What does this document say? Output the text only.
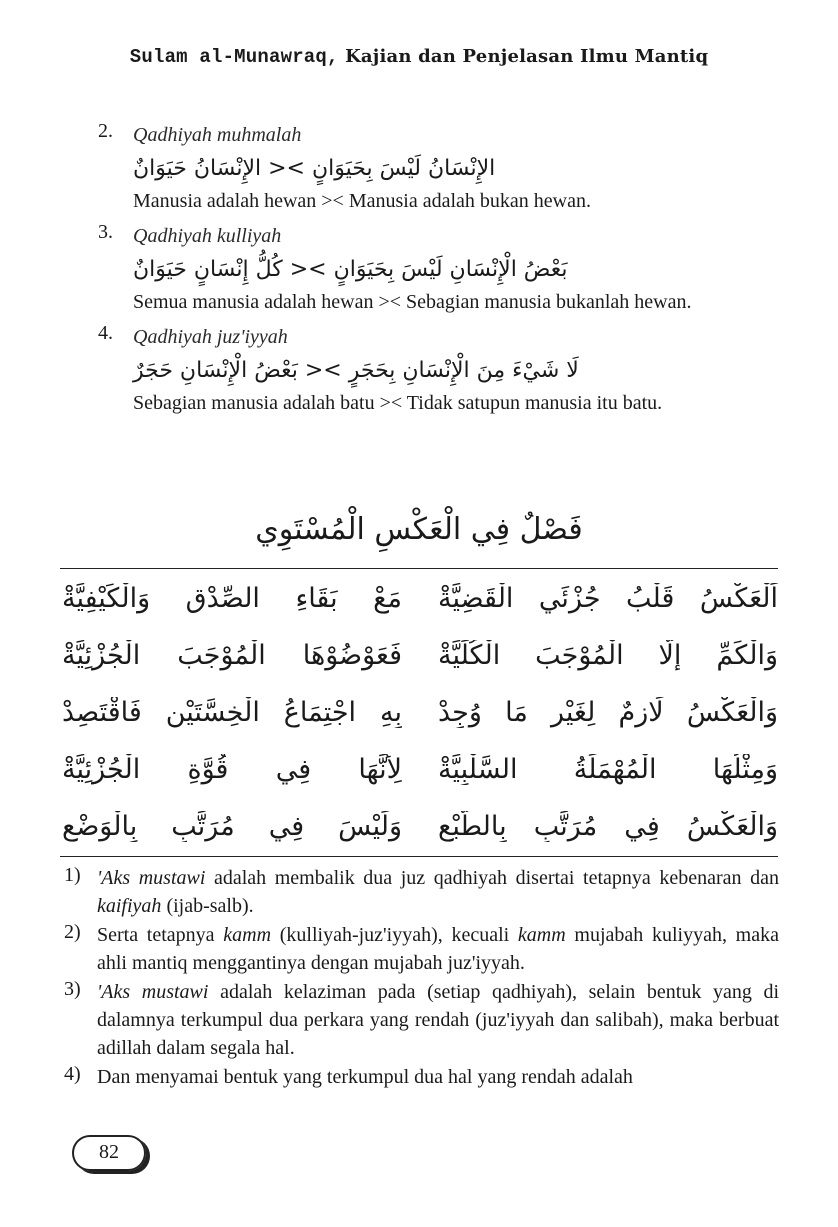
Sulam al-Munawraq, Kajian dan Penjelasan Ilmu Mantiq
2.	Qadhiyah muhmalah
الإِنْسَانُ لَيْسَ بِحَيَوَانٍ >< الإِنْسَانُ حَيَوَانٌ
Manusia adalah hewan >< Manusia adalah bukan hewan.
3.	Qadhiyah kulliyah
بَعْضُ الْإِنْسَانِ لَيْسَ بِحَيَوَانٍ >< كُلُّ إِنْسَانٍ حَيَوَانٌ
Semua manusia adalah hewan >< Sebagian manusia bukanlah hewan.
4.	Qadhiyah juz'iyyah
لَا شَيْءَ مِنَ الْإِنْسَانِ بِحَجَرٍ >< بَعْضُ الْإِنْسَانِ حَجَرٌ
Sebagian manusia adalah batu >< Tidak satupun manusia itu batu.
فَصْلٌ فِي الْعَكْسِ الْمُسْتَوِي
اَلْعَكْسُ قَلْبُ جُزْئَيِ الْقَضِيَّةْ
مَعْ بَقَاءِ الصِّدْقِ وَالْكَيْفِيَّةْ
وَالْكَمِّ إِلَّا الْمُوْجَبَ الْكُلِّيَّةْ
فَعَوْضُوْهَا الْمُوْجَبَ الْجُزْئِيَّةْ
وَالْعَكْسُ لَازِمٌ لِغَيْرِ مَا وُجِدْ
بِهِ اجْتِمَاعُ الْخِسَّتَيْنِ فَاقْتَصِدْ
وَمِثْلُهَا الْمُهْمَلَةُ السَّلْبِيَّةْ
لِأَنَّهَا فِي قُوَّةِ الْجُزْئِيَّةْ
وَالْعَكْسُ فِي مُرَتَّبٍ بِالطَّبْعِ
وَلَيْسَ فِي مُرَتَّبٍ بِالْوَضْعِ
1) 'Aks mustawi adalah membalik dua juz qadhiyah disertai tetapnya kebenaran dan kaifiyah (ijab-salb).
2) Serta tetapnya kamm (kulliyah-juz'iyyah), kecuali kamm mujabah kuliyyah, maka ahli mantiq menggantinya dengan mujabah juz'iyyah.
3) 'Aks mustawi adalah kelaziman pada (setiap qadhiyah), selain bentuk yang di dalamnya terkumpul dua perkara yang rendah (juz'iyyah dan salibah), maka berbuat adillah dalam segala hal.
4) Dan menyamai bentuk yang terkumpul dua hal yang rendah adalah
82
